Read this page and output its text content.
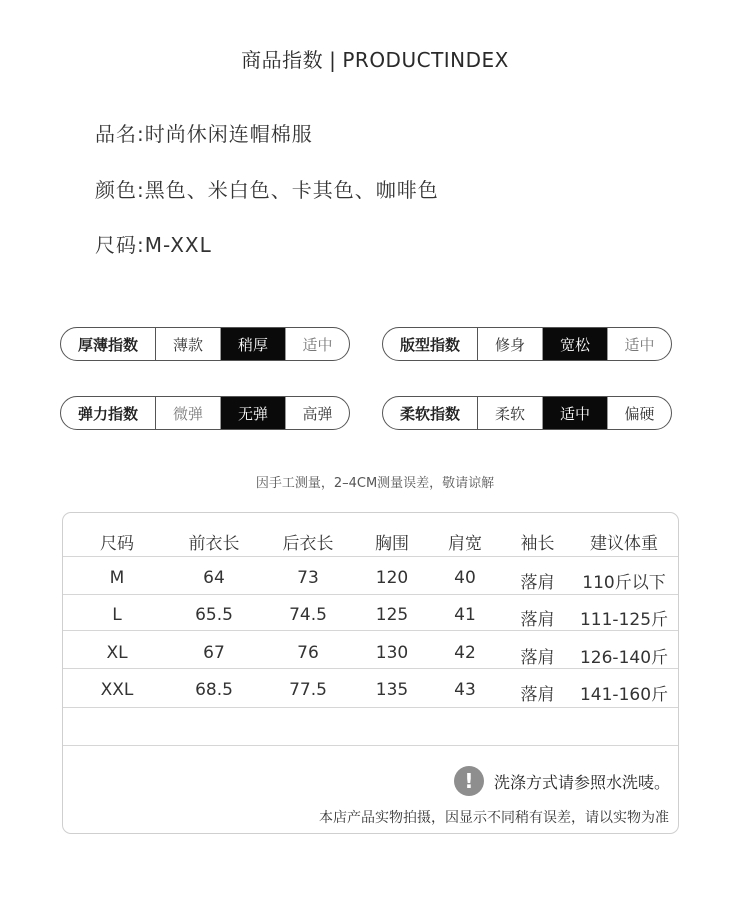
商品指数 | PRODUCTINDEX
品名:时尚休闲连帽棉服
颜色:黑色、米白色、卡其色、咖啡色
尺码:M-XXL
厚薄指数	薄款	稍厚	适中	版型指数	修身	宽松	适中
弹力指数	微弹	无弹	高弹	柔软指数	柔软	适中	偏硬
因手工测量，2–4CM测量误差，敬请谅解
尺码	前衣长	后衣长	胸围	肩宽	袖长	建议体重
M	64	73	120	40	落肩	110斤以下
L	65.5	74.5	125	41	落肩	111-125斤
XL	67	76	130	42	落肩	126-140斤
XXL	68.5	77.5	135	43	落肩	141-160斤
!	洗涤方式请参照水洗唛。
本店产品实物拍摄，因显示不同稍有误差，请以实物为准
